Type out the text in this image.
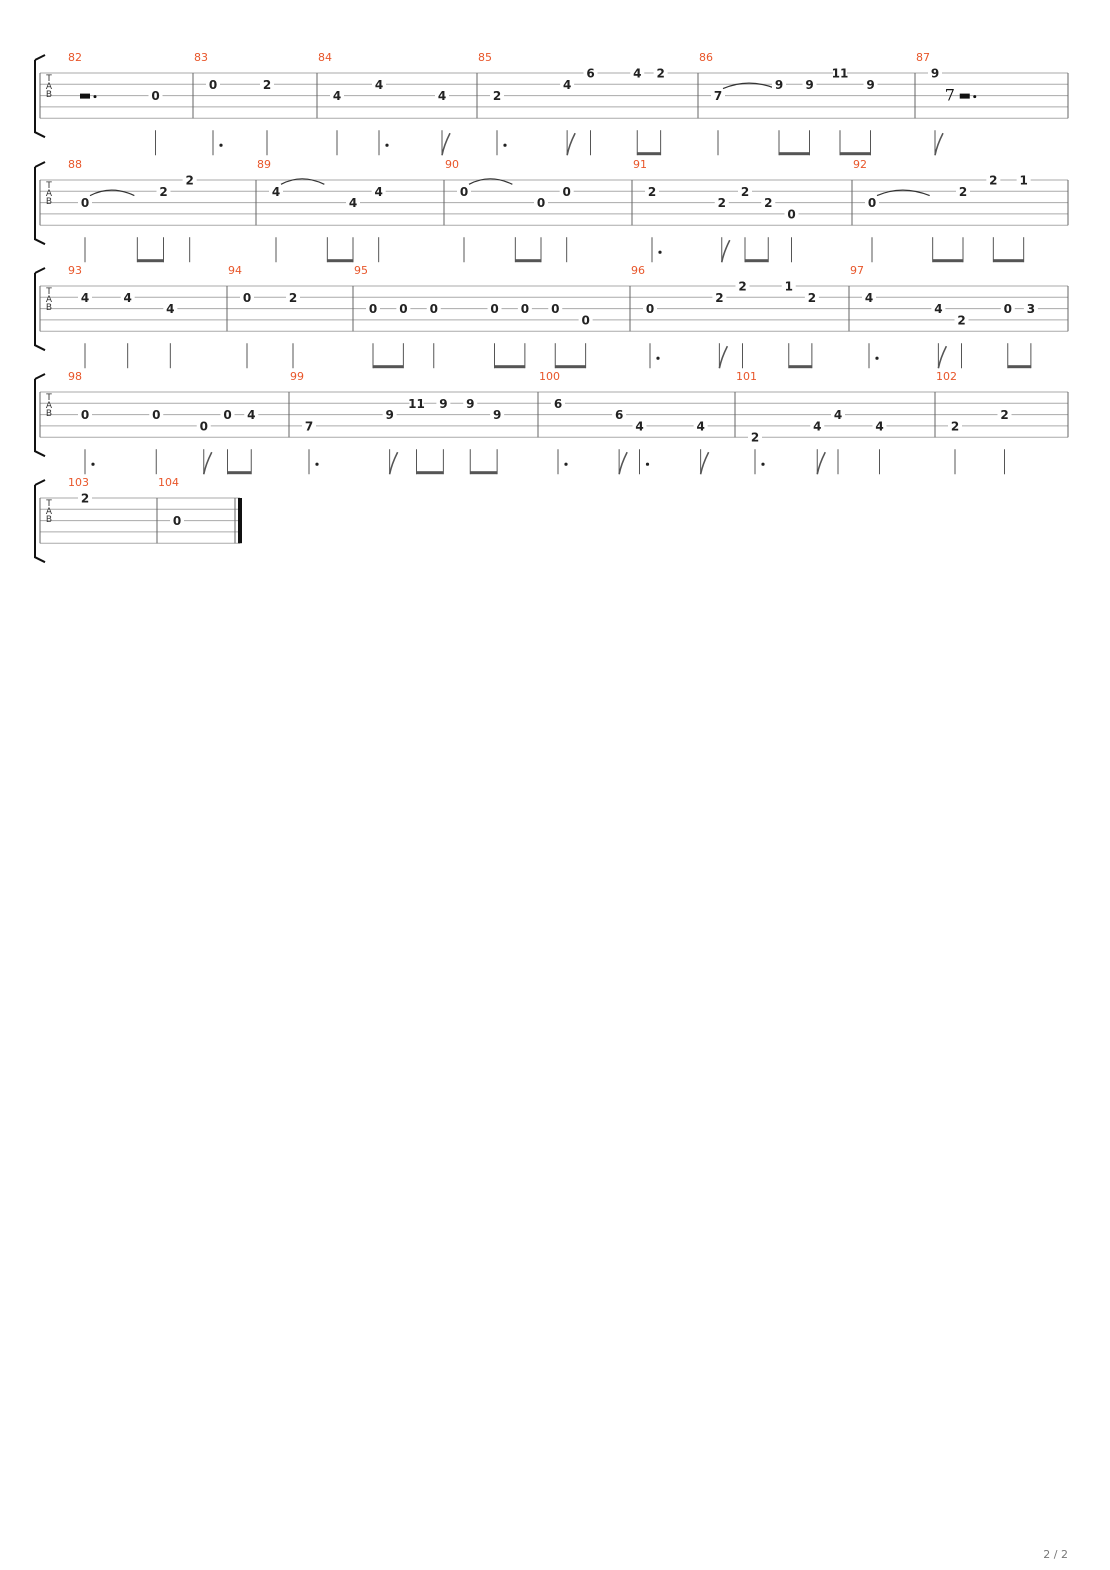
T
A
B
82
0
83
0	2
84
4
4
4
85
2
4
6	4 2
86
7
9 9
11
9
87
9
7
T
A
B
88
0
2
2
89
4
4
4
90
0
0
0
91
2
2
2
2
0
92
0
2
2 1
T
A
B
93
4	4
4
94
0	2
95
0 0 0	0 0 0
0
96
0
2
2	1
2
97
4
4
2
0 3
T
A
B
98
0	0
0
0 4
99
7
9
11 9 9
9
100
6
6
4	4
101
2
4
4
4
102
2
2
T
A
B
103
2
104
0
2 / 2
